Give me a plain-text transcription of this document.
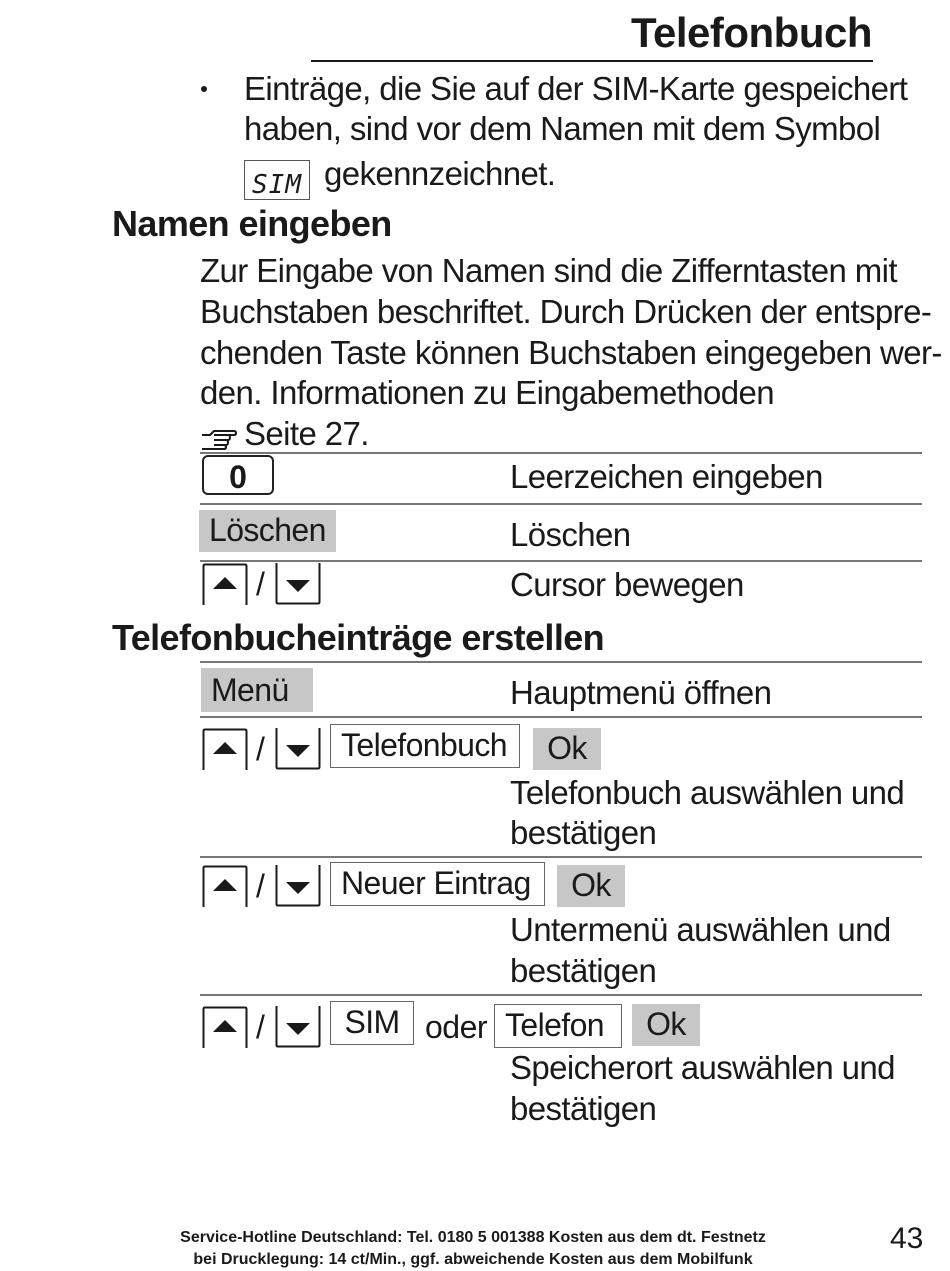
Telefonbuch
Einträge, die Sie auf der SIM-Karte gespeichert
haben, sind vor dem Namen mit dem Symbol
SIM gekennzeichnet.
Namen eingeben
Zur Eingabe von Namen sind die Zifferntasten mit
Buchstaben beschriftet. Durch Drücken der entspre-
chenden Taste können Buchstaben eingegeben wer-
den. Informationen zu Eingabemethoden
Seite 27.
0	Leerzeichen eingeben
Löschen	Löschen
/	Cursor bewegen
Telefonbucheinträge erstellen
Menü	Hauptmenü öffnen
/	Telefonbuch	Ok
Telefonbuch auswählen und
bestätigen
/	Neuer Eintrag	Ok
Untermenü auswählen und
bestätigen
/	SIM oder Telefon	Ok
Speicherort auswählen und
bestätigen
Service-Hotline Deutschland: Tel. 0180 5 001388 Kosten aus dem dt. Festnetz
bei Drucklegung: 14 ct/Min., ggf. abweichende Kosten aus dem Mobilfunk
43
